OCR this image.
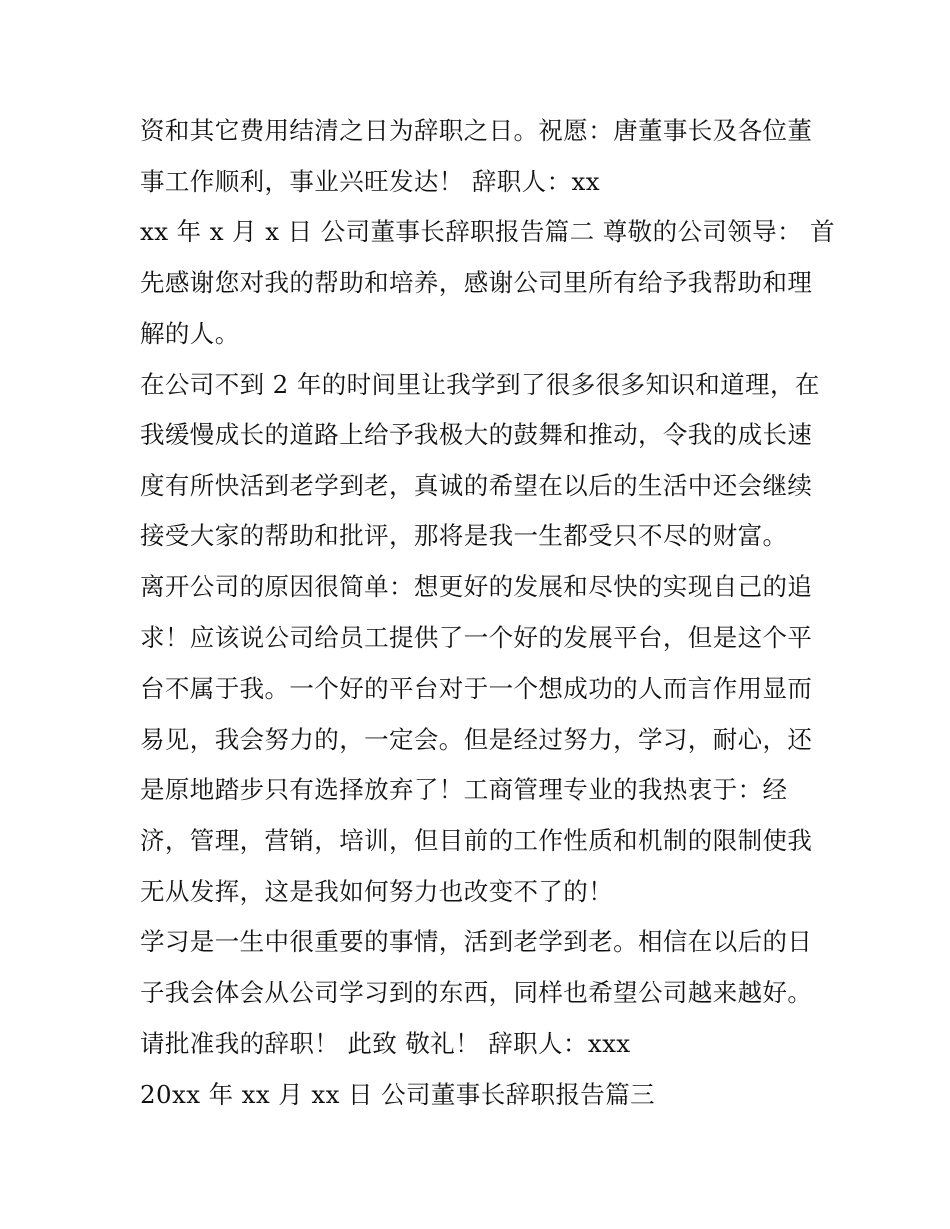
资和其它费用结清之日为辞职之日。祝愿：唐董事长及各位董
事工作顺利，事业兴旺发达！ 辞职人：xx
xx 年 x 月 x 日 公司董事长辞职报告篇二 尊敬的公司领导： 首
先感谢您对我的帮助和培养，感谢公司里所有给予我帮助和理
解的人。
在公司不到 2 年的时间里让我学到了很多很多知识和道理，在
我缓慢成长的道路上给予我极大的鼓舞和推动，令我的成长速
度有所快活到老学到老，真诚的希望在以后的生活中还会继续
接受大家的帮助和批评，那将是我一生都受只不尽的财富。
离开公司的原因很简单：想更好的发展和尽快的实现自己的追
求！应该说公司给员工提供了一个好的发展平台，但是这个平
台不属于我。一个好的平台对于一个想成功的人而言作用显而
易见，我会努力的，一定会。但是经过努力，学习，耐心，还
是原地踏步只有选择放弃了！工商管理专业的我热衷于：经
济，管理，营销，培训，但目前的工作性质和机制的限制使我
无从发挥，这是我如何努力也改变不了的！
学习是一生中很重要的事情，活到老学到老。相信在以后的日
子我会体会从公司学习到的东西，同样也希望公司越来越好。
请批准我的辞职！ 此致 敬礼！ 辞职人：xxx
20xx 年 xx 月 xx 日 公司董事长辞职报告篇三
